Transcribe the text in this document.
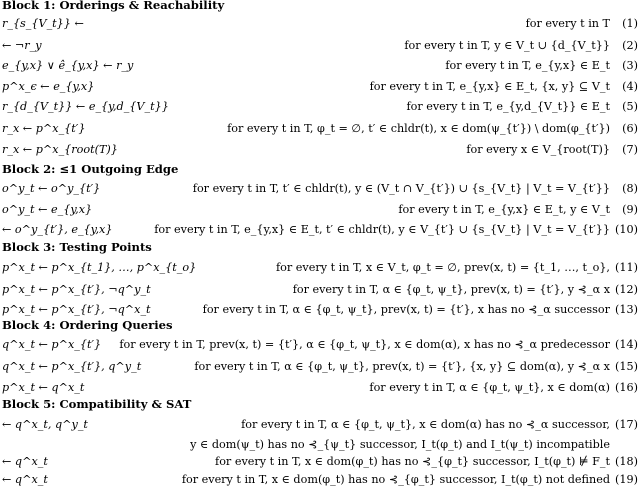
Block 1: Orderings & Reachability
r_{s_{V_t}} ←	for every t in T	(1)
← ¬r_y	for every t in T, y ∈ V_t ∪ {d_{V_t}}	(2)
e_{y,x} ∨ ê_{y,x} ← r_y	for every t in T, e_{y,x} ∈ E_t	(3)
p^x_ϵ ← e_{y,x}	for every t in T, e_{y,x} ∈ E_t, {x, y} ⊆ V_t	(4)
r_{d_{V_t}} ← e_{y,d_{V_t}}	for every t in T, e_{y,d_{V_t}} ∈ E_t	(5)
r_x ← p^x_{t′}	for every t in T, φ_t = ∅, t′ ∈ chldr(t), x ∈ dom(ψ_{t′}) \ dom(φ_{t′})	(6)
r_x ← p^x_{root(T)}	for every x ∈ V_{root(T)}	(7)
Block 2: ≤1 Outgoing Edge
o^y_t ← o^y_{t′}	for every t in T, t′ ∈ chldr(t), y ∈ (V_t ∩ V_{t′}) ∪ {s_{V_t} | V_t = V_{t′}}	(8)
o^y_t ← e_{y,x}	for every t in T, e_{y,x} ∈ E_t, y ∈ V_t	(9)
← o^y_{t′}, e_{y,x}	for every t in T, e_{y,x} ∈ E_t, t′ ∈ chldr(t), y ∈ V_{t′} ∪ {s_{V_t} | V_t = V_{t′}} (10)
Block 3: Testing Points
p^x_t ← p^x_{t_1}, …, p^x_{t_o}	for every t in T, x ∈ V_t, φ_t = ∅, prev(x, t) = {t_1, …, t_o}, (11)
p^x_t ← p^x_{t′}, ¬q^y_t	for every t in T, α ∈ {φ_t, ψ_t}, prev(x, t) = {t′}, y ⊰_α x (12)
p^x_t ← p^x_{t′}, ¬q^x_t	for every t in T, α ∈ {φ_t, ψ_t}, prev(x, t) = {t′}, x has no ⊰_α successor (13)
Block 4: Ordering Queries
q^x_t ← p^x_{t′} for every t in T, prev(x, t) = {t′}, α ∈ {φ_t, ψ_t}, x ∈ dom(α), x has no ⊰_α predecessor (14)
q^x_t ← p^x_{t′}, q^y_t	for every t in T, α ∈ {φ_t, ψ_t}, prev(x, t) = {t′}, {x, y} ⊆ dom(α), y ⊰_α x (15)
p^x_t ← q^x_t	for every t in T, α ∈ {φ_t, ψ_t}, x ∈ dom(α) (16)
Block 5: Compatibility & SAT
← q^x_t, q^y_t	for every t in T, α ∈ {φ_t, ψ_t}, x ∈ dom(α) has no ⊰_α successor, (17)
y ∈ dom(ψ_t) has no ⊰_{ψ_t} successor, I_t(φ_t) and I_t(ψ_t) incompatible
← q^x_t	for every t in T, x ∈ dom(φ_t) has no ⊰_{φ_t} successor, I_t(φ_t) ⊭ F_t (18)
← q^x_t	for every t in T, x ∈ dom(φ_t) has no ⊰_{φ_t} successor, I_t(φ_t) not defined (19)
